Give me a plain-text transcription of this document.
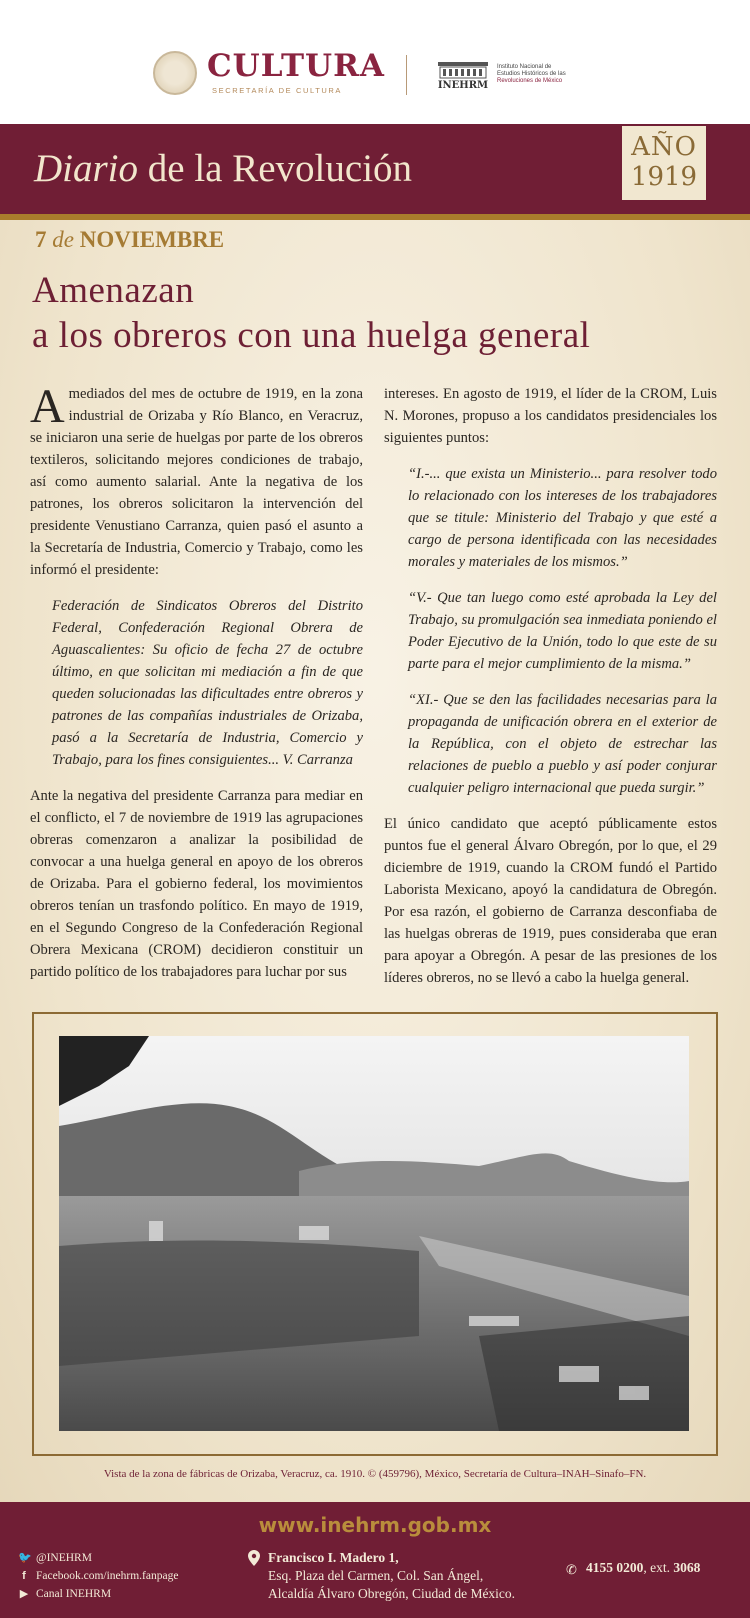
CULTURA
SECRETARÍA DE CULTURA	INEHRM
Instituto Nacional de
Estudios Históricos de las
Revoluciones de México
Diario de la Revolución	AÑO
1919
7 de NOVIEMBRE
Amenazan
a los obreros con una huelga general

Amediados del mes de octubre de 1919, en la zona industrial de Orizaba y Río Blanco, en Veracruz, se iniciaron una serie de huelgas por parte de los obreros textileros, solicitando mejores condiciones de trabajo, así como aumento salarial. Ante la negativa de los patrones, los obreros solicitaron la intervención del presidente Venustiano Carranza, quien pasó el asunto a la Secretaría de Industria, Comercio y Trabajo, como les informó el presidente:

Federación de Sindicatos Obreros del Distrito Federal, Confederación Regional Obrera de Aguascalientes: Su oficio de fecha 27 de octubre último, en que solicitan mi mediación a fin de que queden solucionadas las dificultades entre obreros y patrones de las compañías industriales de Orizaba, pasó a la Secretaría de Industria, Comercio y Trabajo, para los fines consiguientes... V. Carranza

Ante la negativa del presidente Carranza para mediar en el conflicto, el 7 de noviembre de 1919 las agrupaciones obreras comenzaron a analizar la posibilidad de convocar a una huelga general en apoyo de los obreros de Orizaba. Para el gobierno federal, los movimientos obreros tenían un trasfondo político. En mayo de 1919, en el Segundo Congreso de la Confederación Regional Obrera Mexicana (CROM) decidieron constituir un partido político de los trabajadores para luchar por sus

intereses. En agosto de 1919, el líder de la CROM, Luis N. Morones, propuso a los candidatos presidenciales los siguientes puntos:

“I.-... que exista un Ministerio... para resolver todo lo relacionado con los intereses de los trabajadores que se titule: Ministerio del Trabajo y que esté a cargo de persona identificada con las necesidades morales y materiales de los mismos.”

“V.- Que tan luego como esté aprobada la Ley del Trabajo, su promulgación sea inmediata poniendo el Poder Ejecutivo de la Unión, todo lo que este de su parte para el mejor cumplimiento de la misma.”

“XI.- Que se den las facilidades necesarias para la propaganda de unificación obrera en el exterior de la República, con el objeto de estrechar las relaciones de pueblo a pueblo y así poder conjurar cualquier peligro internacional que pueda surgir.”

El único candidato que aceptó públicamente estos puntos fue el general Álvaro Obregón, por lo que, el 29 diciembre de 1919, cuando la CROM fundó el Partido Laborista Mexicano, apoyó la candidatura de Obregón. Por esa razón, el gobierno de Carranza desconfiaba de las huelgas obreras de 1919, pues consideraba que eran para apoyar a Obregón. A pesar de las presiones de los líderes obreros, no se llevó a cabo la huelga general.

Vista de la zona de fábricas de Orizaba, Veracruz, ca. 1910. © (459796), México, Secretaría de Cultura–INAH–Sinafo–FN.
www.inehrm.gob.mx
🐦 @INEHRM
f Facebook.com/inehrm.fanpage
▶ Canal INEHRM
Francisco I. Madero 1,
Esq. Plaza del Carmen, Col. San Ángel,
Alcaldía Álvaro Obregón, Ciudad de México.
✆ 4155 0200, ext. 3068
